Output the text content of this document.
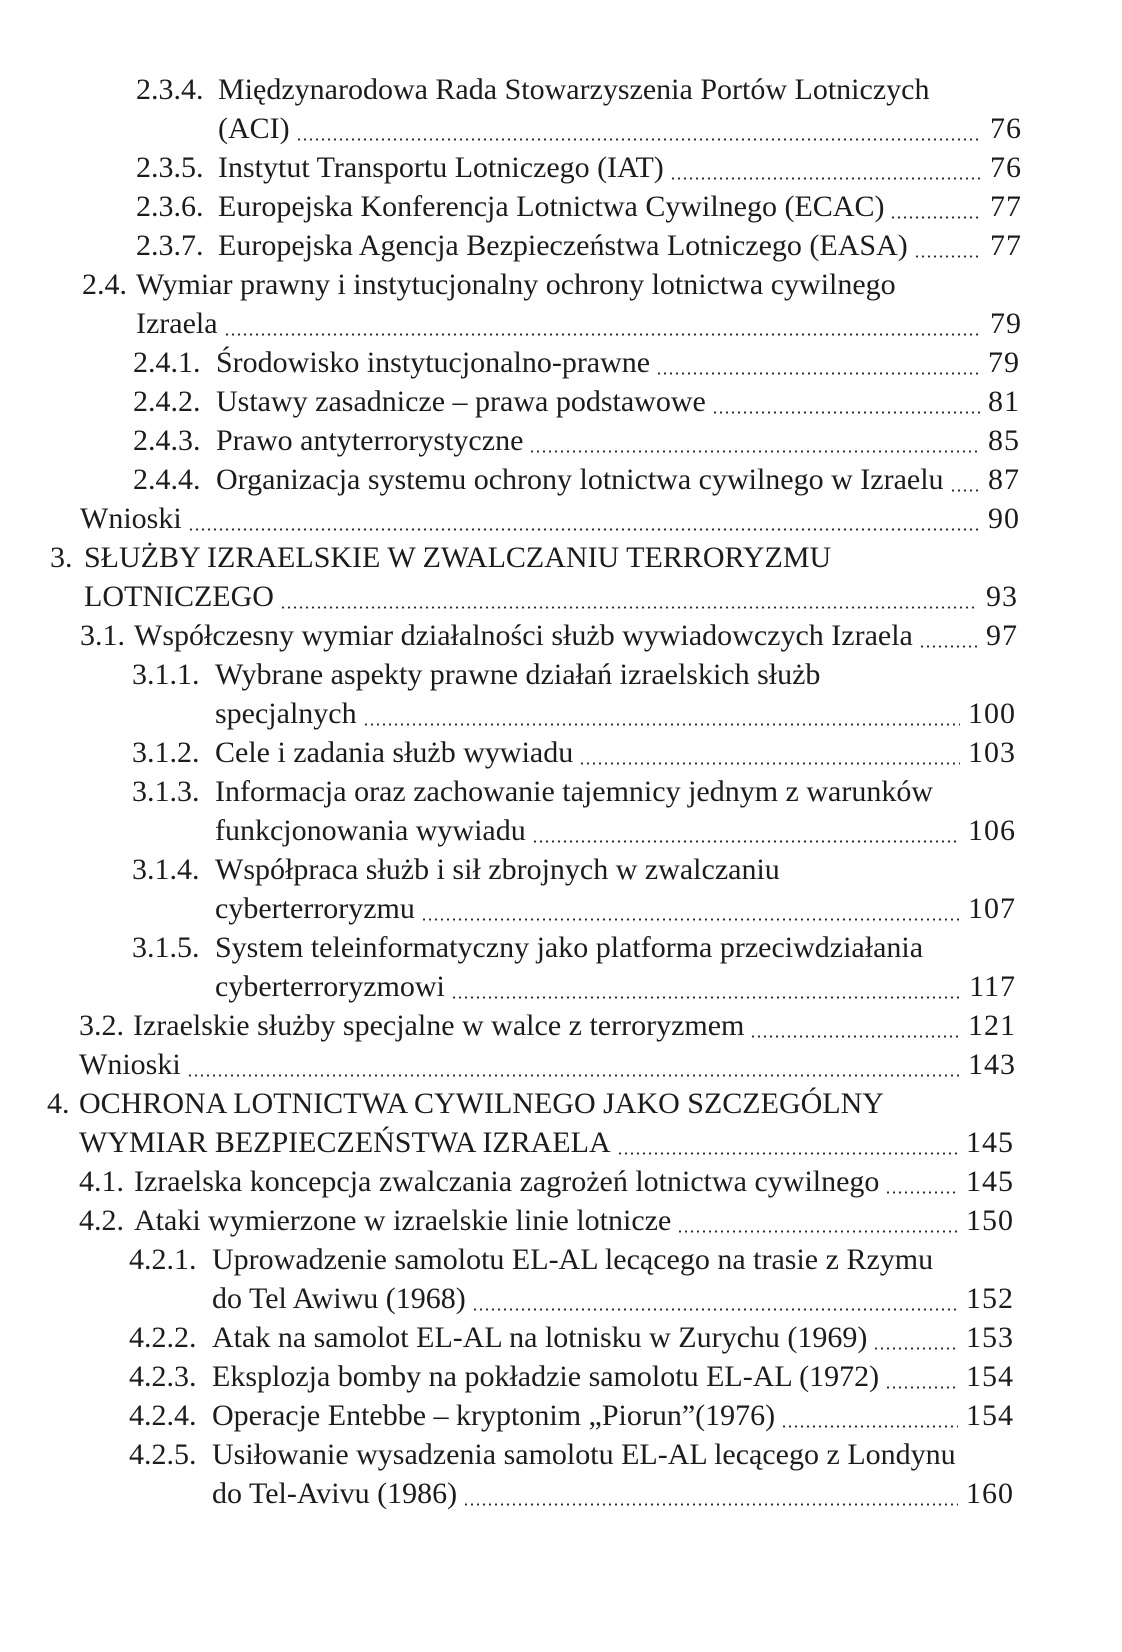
2.3.4. Międzynarodowa Rada Stowarzyszenia Portów Lotniczych
(ACI)	76
2.3.5. Instytut Transportu Lotniczego (IAT)	76
2.3.6. Europejska Konferencja Lotnictwa Cywilnego (ECAC)	77
2.3.7. Europejska Agencja Bezpieczeństwa Lotniczego (EASA)	77
2.4. Wymiar prawny i instytucjonalny ochrony lotnictwa cywilnego
Izraela	79
2.4.1. Środowisko instytucjonalno-prawne	79
2.4.2. Ustawy zasadnicze – prawa podstawowe	81
2.4.3. Prawo antyterrorystyczne	85
2.4.4. Organizacja systemu ochrony lotnictwa cywilnego w Izraelu 87
Wnioski	90
3. SŁUŻBY IZRAELSKIE W ZWALCZANIU TERRORYZMU
LOTNICZEGO	93
3.1. Współczesny wymiar działalności służb wywiadowczych Izraela 97
3.1.1. Wybrane aspekty prawne działań izraelskich służb
specjalnych	100
3.1.2. Cele i zadania służb wywiadu	103
3.1.3. Informacja oraz zachowanie tajemnicy jednym z warunków
funkcjonowania wywiadu	106
3.1.4. Współpraca służb i sił zbrojnych w zwalczaniu
cyberterroryzmu	107
3.1.5. System teleinformatyczny jako platforma przeciwdziałania
cyberterroryzmowi	117
3.2. Izraelskie służby specjalne w walce z terroryzmem	121
Wnioski	143
4. OCHRONA LOTNICTWA CYWILNEGO JAKO SZCZEGÓLNY
WYMIAR BEZPIECZEŃSTWA IZRAELA	145
4.1. Izraelska koncepcja zwalczania zagrożeń lotnictwa cywilnego	145
4.2. Ataki wymierzone w izraelskie linie lotnicze	150
4.2.1. Uprowadzenie samolotu EL-AL lecącego na trasie z Rzymu
do Tel Awiwu (1968)	152
4.2.2. Atak na samolot EL-AL na lotnisku w Zurychu (1969)	153
4.2.3. Eksplozja bomby na pokładzie samolotu EL-AL (1972)	154
4.2.4. Operacje Entebbe – kryptonim „Piorun”(1976)	154
4.2.5. Usiłowanie wysadzenia samolotu EL-AL lecącego z Londynu
do Tel-Avivu (1986)	160
